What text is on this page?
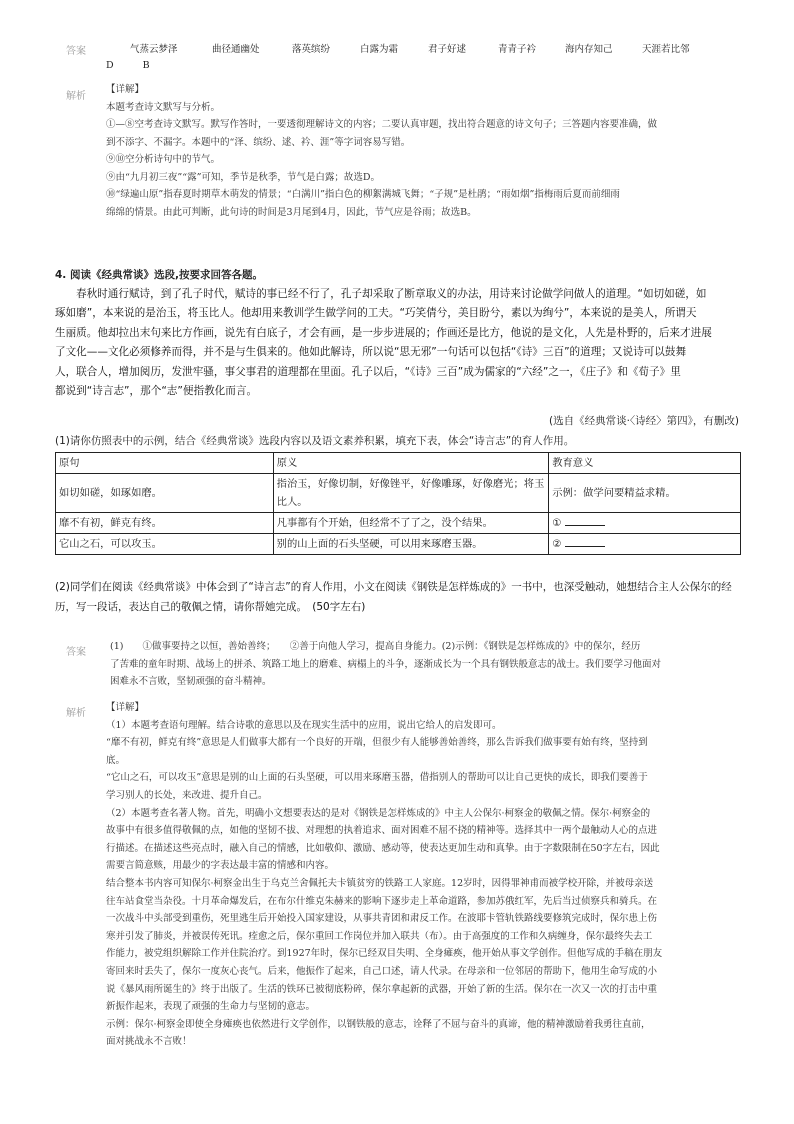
答案	气蒸云梦泽	曲径通幽处	落英缤纷	白露为霜	君子好逑	青青子衿	海内存知己	天涯若比邻
D	B
解析
【详解】
本题考查诗文默写与分析。
①—⑧空考查诗文默写。默写作答时，一要透彻理解诗文的内容；二要认真审题，找出符合题意的诗文句子；三答题内容要准确，做
到不添字、不漏字。本题中的“泽、缤纷、逑、衿、涯”等字词容易写错。
⑨⑩空分析诗句中的节气。
⑨由“九月初三夜”“露”可知，季节是秋季，节气是白露；故选D。
⑩“绿遍山原”指春夏时期草木萌发的情景；“白满川”指白色的柳絮满城飞舞；“子规”是杜鹃；“雨如烟”指梅雨后夏而前细雨
绵绵的情景。由此可判断，此句诗的时间是3月尾到4月，因此，节气应是谷雨；故选B。
4. 阅读《经典常谈》选段,按要求回答各题。
春秋时通行赋诗，到了孔子时代，赋诗的事已经不行了，孔子却采取了断章取义的办法，用诗来讨论做学问做人的道理。“如切如磋，如
琢如磨”，本来说的是治玉，将玉比人。他却用来教训学生做学问的工夫。“巧笑倩兮，美目盼兮，素以为绚兮”，本来说的是美人，所谓天
生丽质。他却拉出末句来比方作画，说先有白底子，才会有画，是一步步进展的；作画还是比方，他说的是文化，人先是朴野的，后来才进展
了文化——文化必须修养而得，并不是与生俱来的。他如此解诗，所以说“思无邪”一句话可以包括“《诗》三百”的道理；又说诗可以鼓舞
人，联合人，增加阅历，发泄牢骚，事父事君的道理都在里面。孔子以后，“《诗》三百”成为儒家的“六经”之一，《庄子》和《荀子》里
都说到“诗言志”，那个“志”便指教化而言。
(选自《经典常谈·〈诗经〉第四》，有删改)
(1)请你仿照表中的示例，结合《经典常谈》选段内容以及语文素养积累，填充下表，体会“诗言志”的育人作用。
原句	原义	教育意义
如切如磋，如琢如磨。	指治玉，好像切制，好像锉平，好像雕琢，好像磨光；将玉比人。	示例：做学问要精益求精。
靡不有初，鲜克有终。	凡事都有个开始，但经常不了了之，没个结果。	①
它山之石，可以攻玉。	别的山上面的石头坚硬，可以用来琢磨玉器。	②
(2)同学们在阅读《经典常谈》中体会到了“诗言志”的育人作用，小文在阅读《钢铁是怎样炼成的》一书中，也深受触动，她想结合主人公保尔的经历，写一段话，表达自己的敬佩之情，请你帮她完成。　(50字左右)
答案
(1)　　①做事要持之以恒，善始善终；　　②善于向他人学习，提高自身能力。(2)示例：《钢铁是怎样炼成的》中的保尔，经历
了苦难的童年时期、战场上的拼杀、筑路工地上的磨难、病榻上的斗争，逐渐成长为一个具有钢铁般意志的战士。我们要学习他面对
困难永不言败，坚韧顽强的奋斗精神。
解析
【详解】
（1）本题考查语句理解。结合诗歌的意思以及在现实生活中的应用，说出它给人的启发即可。
“靡不有初，鲜克有终”意思是人们做事大都有一个良好的开端，但很少有人能够善始善终，那么告诉我们做事要有始有终，坚持到
底。
“它山之石，可以攻玉”意思是别的山上面的石头坚硬，可以用来琢磨玉器，借指别人的帮助可以让自己更快的成长，即我们要善于
学习别人的长处，来改进、提升自己。
（2）本题考查名著人物。首先，明确小文想要表达的是对《钢铁是怎样炼成的》中主人公保尔·柯察金的敬佩之情。保尔·柯察金的
故事中有很多值得敬佩的点，如他的坚韧不拔、对理想的执着追求、面对困难不屈不挠的精神等。选择其中一两个最触动人心的点进
行描述。在描述这些亮点时，融入自己的情感，比如敬仰、激励、感动等，使表达更加生动和真挚。由于字数限制在50字左右，因此
需要言简意赅，用最少的字表达最丰富的情感和内容。
结合整本书内容可知保尔·柯察金出生于乌克兰舍佩托夫卡镇贫穷的铁路工人家庭。12岁时，因得罪神甫而被学校开除，并被母亲送
往车站食堂当杂役。十月革命爆发后，在布尔什维克朱赫来的影响下逐步走上革命道路，参加苏俄红军，先后当过侦察兵和骑兵。在
一次战斗中头部受到重伤，死里逃生后开始投入国家建设，从事共青团和肃反工作。在波耶卡管轨铁路线要修筑完成时，保尔患上伤
寒并引发了肺炎，并被误传死讯。痊愈之后，保尔重回工作岗位并加入联共（布）。由于高强度的工作和久病缠身，保尔最终失去工
作能力，被党组织解除工作并住院治疗。到1927年时，保尔已经双目失明、全身瘫痪，他开始从事文学创作。但他写成的手稿在朋友
寄回来时丢失了，保尔一度灰心丧气。后来，他振作了起来，自己口述，请人代录。在母亲和一位邻居的帮助下，他用生命写成的小
说《暴风雨所诞生的》终于出版了。生活的铁环已被彻底粉碎，保尔拿起新的武器，开始了新的生活。保尔在一次又一次的打击中重
新振作起来，表现了顽强的生命力与坚韧的意志。
示例：保尔·柯察金即使全身瘫痪也依然进行文学创作，以钢铁般的意志，诠释了不屈与奋斗的真谛，他的精神激励着我勇往直前，
面对挑战永不言败！
